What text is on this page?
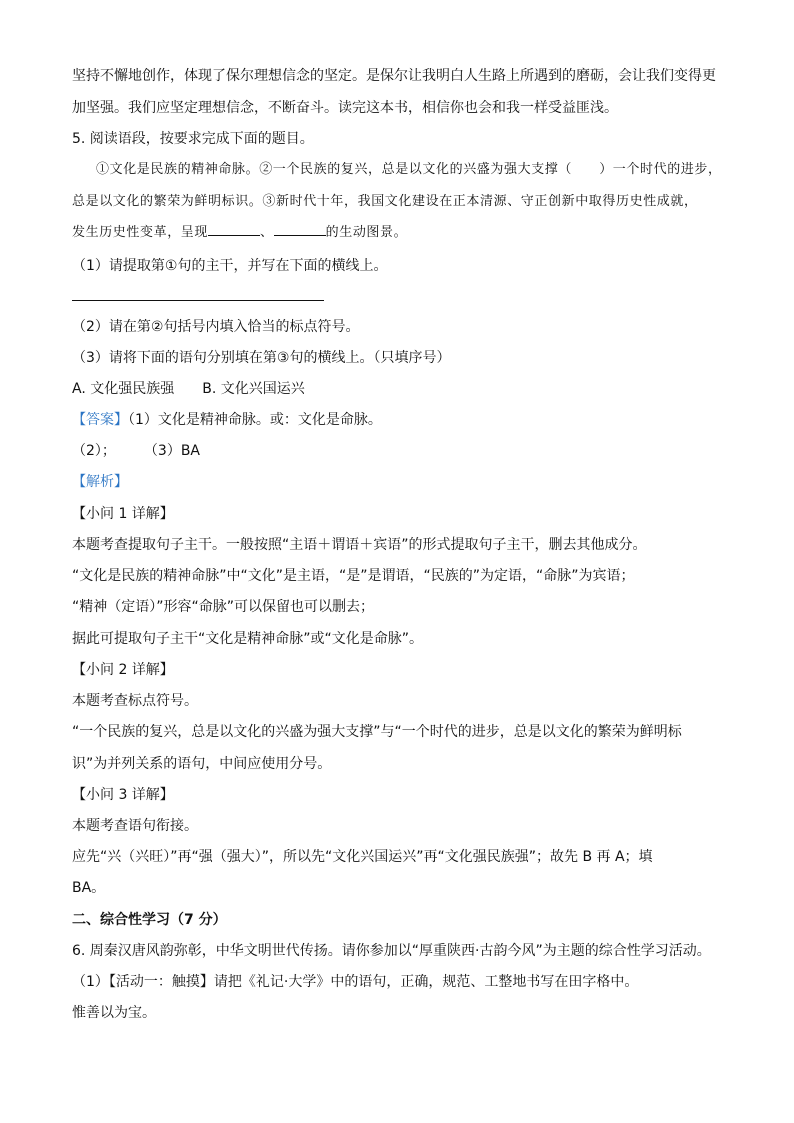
坚持不懈地创作，体现了保尔理想信念的坚定。是保尔让我明白人生路上所遇到的磨砺，会让我们变得更
加坚强。我们应坚定理想信念，不断奋斗。读完这本书，相信你也会和我一样受益匪浅。
5. 阅读语段，按要求完成下面的题目。
①文化是民族的精神命脉。②一个民族的复兴，总是以文化的兴盛为强大支撑（　　）一个时代的进步，
总是以文化的繁荣为鲜明标识。③新时代十年，我国文化建设在正本清源、守正创新中取得历史性成就，
发生历史性变革，呈现	、	的生动图景。
（1）请提取第①句的主干，并写在下面的横线上。
（2）请在第②句括号内填入恰当的标点符号。
（3）请将下面的语句分别填在第③句的横线上。（只填序号）
A. 文化强民族强　　B. 文化兴国运兴
【答案】（1）文化是精神命脉。或：文化是命脉。
（2）；　　　（3）BA
【解析】
【小问 1 详解】
本题考查提取句子主干。一般按照“主语＋谓语＋宾语”的形式提取句子主干，删去其他成分。
“文化是民族的精神命脉”中“文化”是主语，“是”是谓语，“民族的”为定语，“命脉”为宾语；
“精神（定语）”形容“命脉”可以保留也可以删去；
据此可提取句子主干“文化是精神命脉”或“文化是命脉”。
【小问 2 详解】
本题考查标点符号。
“一个民族的复兴，总是以文化的兴盛为强大支撑”与“一个时代的进步，总是以文化的繁荣为鲜明标
识”为并列关系的语句，中间应使用分号。
【小问 3 详解】
本题考查语句衔接。
应先“兴（兴旺）”再“强（强大）”，所以先“文化兴国运兴”再“文化强民族强”；故先 B 再 A；填
BA。
二、综合性学习（7 分）
6. 周秦汉唐风韵弥彰，中华文明世代传扬。请你参加以“厚重陕西·古韵今风”为主题的综合性学习活动。
（1）【活动一：触摸】请把《礼记·大学》中的语句，正确，规范、工整地书写在田字格中。
惟善以为宝。
